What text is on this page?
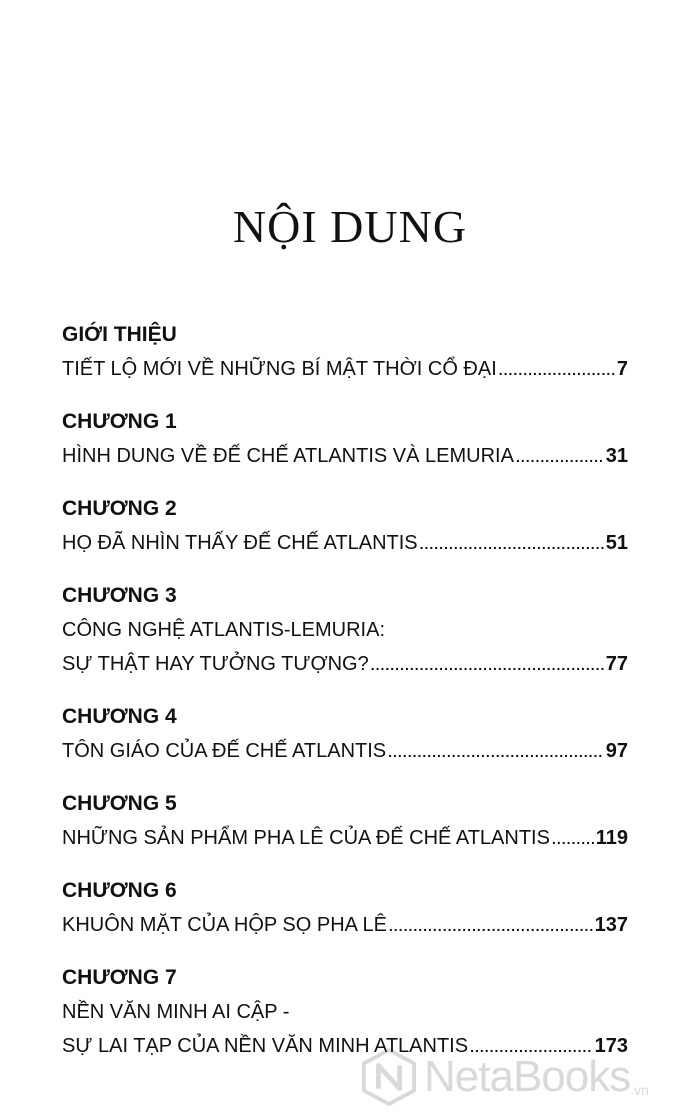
NỘI DUNG
GIỚI THIỆU
TIẾT LỘ MỚI VỀ NHỮNG BÍ MẬT THỜI CỔ ĐẠI .....	7
CHƯƠNG 1
HÌNH DUNG VỀ ĐẾ CHẾ ATLANTIS VÀ LEMURIA .....	31
CHƯƠNG 2
HỌ ĐÃ NHÌN THẤY ĐẾ CHẾ ATLANTIS .....	51
CHƯƠNG 3
CÔNG NGHỆ ATLANTIS-LEMURIA:
SỰ THẬT HAY TƯỞNG TƯỢNG? .....	77
CHƯƠNG 4
TÔN GIÁO CỦA ĐẾ CHẾ ATLANTIS .....	97
CHƯƠNG 5
NHỮNG SẢN PHẨM PHA LÊ CỦA ĐẾ CHẾ ATLANTIS ..... 119
CHƯƠNG 6
KHUÔN MẶT CỦA HỘP SỌ PHA LÊ .....	137
CHƯƠNG 7
NỀN VĂN MINH AI CẬP -
SỰ LAI TẠP CỦA NỀN VĂN MINH ATLANTIS .....	173
NetaBooks .vn
